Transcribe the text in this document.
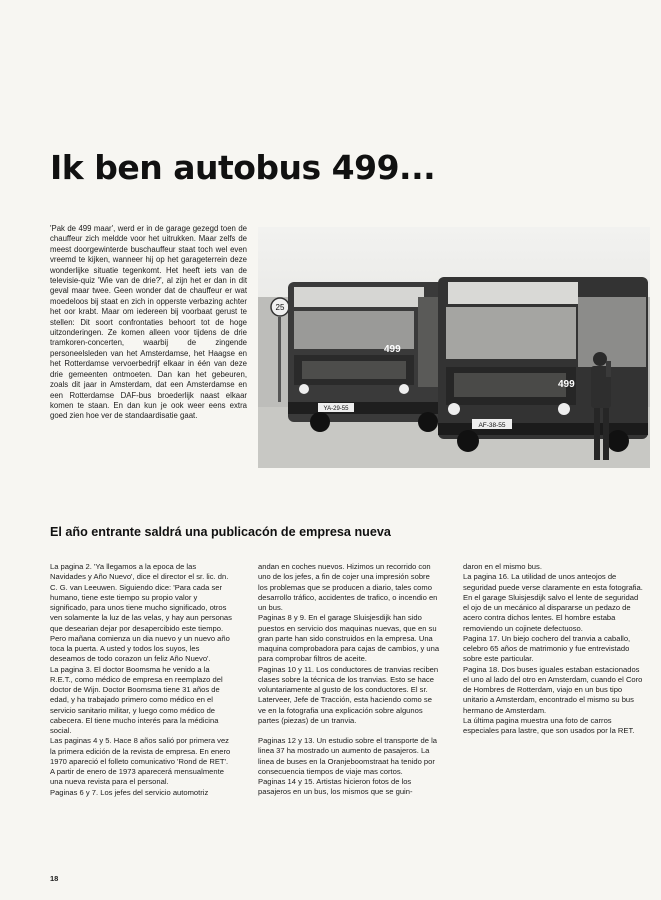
Ik ben autobus 499...

'Pak de 499 maar', werd er in de garage gezegd toen de chauffeur zich meldde voor het uitrukken. Maar zelfs de meest doorgewinterde buschauffeur staat toch wel even vreemd te kijken, wanneer hij op het garageterrein deze wonderlijke situatie tegenkomt. Het heeft iets van de televisie-quiz 'Wie van de drie?', al zijn het er dan in dit geval maar twee. Geen wonder dat de chauffeur er wat moedeloos bij staat en zich in opperste verbazing achter het oor krabt. Maar om iedereen bij voorbaat gerust te stellen: Dit soort confrontaties behoort tot de hoge uitzonderingen. Ze komen alleen voor tijdens de drie tramkoren-concerten, waarbij de zingende personeelsleden van het Amsterdamse, het Haagse en het Rotterdamse vervoerbedrijf elkaar in één van deze drie gemeenten ontmoeten. Dan kan het gebeuren, zoals dit jaar in Amsterdam, dat een Amsterdamse en een Rotterdamse DAF-bus broederlijk naast elkaar komen te staan. En dan kun je ook weer eens extra goed zien hoe ver de standaardisatie gaat.

25
499
YA-29-55
499
AF-38-55
El año entrante saldrá una publicacón de empresa nueva

La pagina 2. 'Ya llegamos a la epoca de las Navidades y Año Nuevo', dice el director el sr. lic. dn. C. G. van Leeuwen. Siguiendo dice: 'Para cada ser humano, tiene este tiempo su propio valor y significado, para unos tiene mucho significado, otros ven solamente la luz de las velas, y hay aun personas que desearian dejar por desapercibido este tiempo.

Pero mañana comienza un dia nuevo y un nuevo año toca la puerta. A usted y todos los suyos, les deseamos de todo corazon un feliz Año Nuevo'.

La pagina 3. El doctor Boomsma he venido a la R.E.T., como médico de empresa en reemplazo del doctor de Wijn. Doctor Boomsma tiene 31 años de edad, y ha trabajado primero como médico en el servicio sanitario militar, y luego como médico de cabecera. El tiene mucho interés para la médicina social.

Las paginas 4 y 5. Hace 8 años salió por primera vez la primera edición de la revista de empresa. En enero 1970 apareció el folleto comunicativo 'Rond de RET'. A partir de enero de 1973 aparecerá mensualmente una nueva revista para el personal.

Paginas 6 y 7. Los jefes del servicio automotriz

andan en coches nuevos. Hizimos un recorrido con uno de los jefes, a fin de cojer una impresión sobre los problemas que se producen a diario, tales como desarrollo tráfico, accidentes de trafico, o incendio en un bus.

Paginas 8 y 9. En el garage Sluisjesdijk han sido puestos en servicio dos maquinas nuevas, que en su gran parte han sido construidos en la empresa. Una maquina comprobadora para cajas de cambios, y una para comprobar filtros de aceite.

Paginas 10 y 11. Los conductores de tranvias reciben clases sobre la técnica de los tranvias. Esto se hace voluntariamente al gusto de los conductores. El sr. Laterveer, Jefe de Tracción, esta haciendo como se ve en la fotografia una explicación sobre algunos partes (piezas) de un tranvia.

Paginas 12 y 13. Un estudio sobre el transporte de la linea 37 ha mostrado un aumento de pasajeros. La linea de buses en la Oranjeboomstraat ha tenido por consecuencia tiempos de viaje mas cortos.

Paginas 14 y 15. Artistas hicieron fotos de los pasajeros en un bus, los mismos que se guin-

daron en el mismo bus.

La pagina 16. La utilidad de unos anteojos de seguridad puede verse claramente en esta fotografia.

En el garage Sluisjesdijk salvo el lente de seguridad el ojo de un mecánico al dispararse un pedazo de acero contra dichos lentes. El hombre estaba removiendo un cojinete defectuoso.

Pagina 17. Un biejo cochero del tranvia a caballo, celebro 65 años de matrimonio y fue entrevistado sobre este particular.

Pagina 18. Dos buses iguales estaban estacionados el uno al lado del otro en Amsterdam, cuando el Coro de Hombres de Rotterdam, viajo en un bus tipo unitario a Amsterdam, encontrado el mismo su bus hermano de Amsterdam.

La última pagina muestra una foto de carros especiales para lastre, que son usados por la RET.

18
